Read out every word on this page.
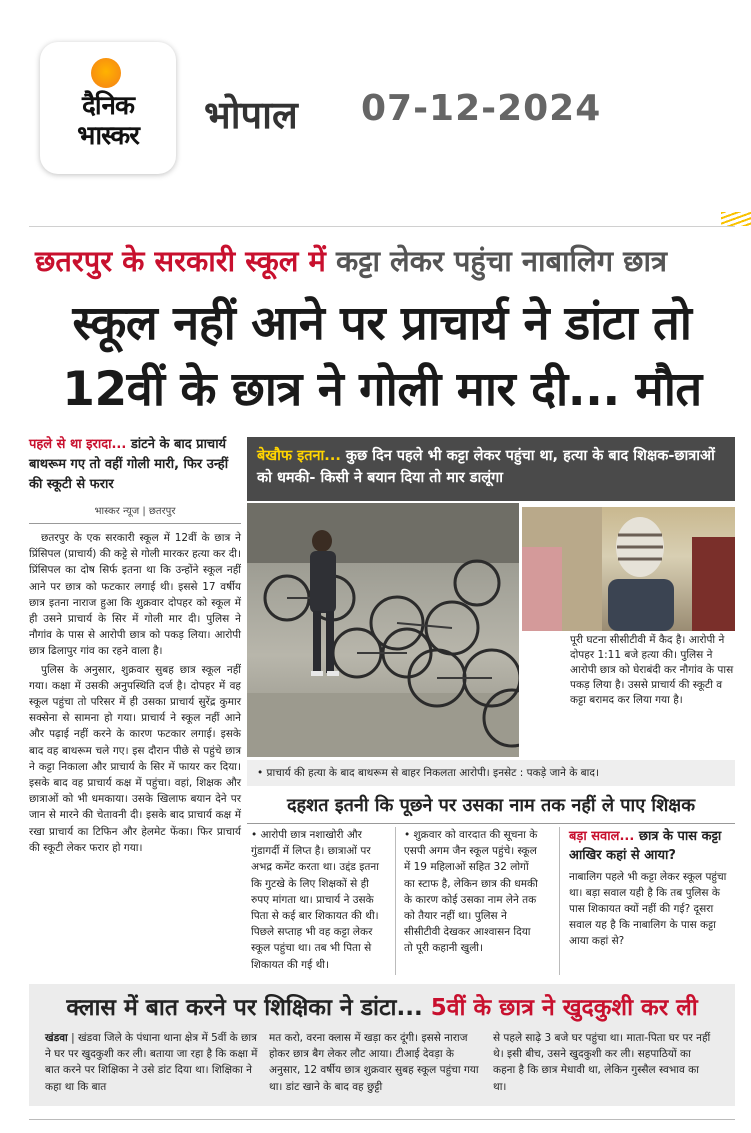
दैनिक
भास्कर	भोपाल 07-12-2024
छतरपुर के सरकारी स्कूल में कट्टा लेकर पहुंचा नाबालिग छात्र
स्कूल नहीं आने पर प्राचार्य ने डांटा तो
12वीं के छात्र ने गोली मार दी... मौत
पहले से था इरादा... डांटने के बाद प्राचार्य बाथरूम गए तो वहीं गोली मारी, फिर उन्हीं की स्कूटी से फरार
भास्कर न्यूज | छतरपुर

छतरपुर के एक सरकारी स्कूल में 12वीं के छात्र ने प्रिंसिपल (प्राचार्य) की कट्टे से गोली मारकर हत्या कर दी। प्रिंसिपल का दोष सिर्फ इतना था कि उन्होंने स्कूल नहीं आने पर छात्र को फटकार लगाई थी। इससे 17 वर्षीय छात्र इतना नाराज हुआ कि शुक्रवार दोपहर को स्कूल में ही उसने प्राचार्य के सिर में गोली मार दी। पुलिस ने नौगांव के पास से आरोपी छात्र को पकड़ लिया। आरोपी छात्र ढिलापुर गांव का रहने वाला है।

पुलिस के अनुसार, शुक्रवार सुबह छात्र स्कूल नहीं गया। कक्षा में उसकी अनुपस्थिति दर्ज है। दोपहर में वह स्कूल पहुंचा तो परिसर में ही उसका प्राचार्य सुरेंद्र कुमार सक्सेना से सामना हो गया। प्राचार्य ने स्कूल नहीं आने और पढ़ाई नहीं करने के कारण फटकार लगाई। इसके बाद वह बाथरूम चले गए। इस दौरान पीछे से पहुंचे छात्र ने कट्टा निकाला और प्राचार्य के सिर में फायर कर दिया। इसके बाद वह प्राचार्य कक्ष में पहुंचा। वहां, शिक्षक और छात्राओं को भी धमकाया। उसके खिलाफ बयान देने पर जान से मारने की चेतावनी दी। इसके बाद प्राचार्य कक्ष में रखा प्राचार्य का टिफिन और हेलमेट फेंका। फिर प्राचार्य की स्कूटी लेकर फरार हो गया।

बेखौफ इतना... कुछ दिन पहले भी कट्टा लेकर पहुंचा था, हत्या के बाद शिक्षक-छात्राओं को धमकी- किसी ने बयान दिया तो मार डालूंगा
पूरी घटना सीसीटीवी में कैद है। आरोपी ने दोपहर 1:11 बजे हत्या की। पुलिस ने आरोपी छात्र को घेराबंदी कर नौगांव के पास पकड़ लिया है। उससे प्राचार्य की स्कूटी व कट्टा बरामद कर लिया गया है।
• प्राचार्य की हत्या के बाद बाथरूम से बाहर निकलता आरोपी। इनसेट : पकड़े जाने के बाद।
दहशत इतनी कि पूछने पर उसका नाम तक नहीं ले पाए शिक्षक

• आरोपी छात्र नशाखोरी और गुंडागर्दी में लिप्त है। छात्राओं पर अभद्र कमेंट करता था। उद्दंड इतना कि गुटखे के लिए शिक्षकों से ही रुपए मांगता था। प्राचार्य ने उसके पिता से कई बार शिकायत की थी। पिछले सप्ताह भी वह कट्टा लेकर स्कूल पहुंचा था। तब भी पिता से शिकायत की गई थी।

• शुक्रवार को वारदात की सूचना के एसपी अगम जैन स्कूल पहुंचे। स्कूल में 19 महिलाओं सहित 32 लोगों का स्टाफ है, लेकिन छात्र की धमकी के कारण कोई उसका नाम लेने तक को तैयार नहीं था। पुलिस ने सीसीटीवी देखकर आश्वासन दिया तो पूरी कहानी खुली।

बड़ा सवाल... छात्र के पास कट्टा आखिर कहां से आया?
नाबालिग पहले भी कट्टा लेकर स्कूल पहुंचा था। बड़ा सवाल यही है कि तब पुलिस के पास शिकायत क्यों नहीं की गई? दूसरा सवाल यह है कि नाबालिग के पास कट्टा आया कहां से?
क्लास में बात करने पर शिक्षिका ने डांटा... 5वीं के छात्र ने खुदकुशी कर ली
खंडवा | खंडवा जिले के पंधाना थाना क्षेत्र में 5वीं के छात्र ने घर पर खुदकुशी कर ली। बताया जा रहा है कि कक्षा में बात करने पर शिक्षिका ने उसे डांट दिया था। शिक्षिका ने कहा था कि बात
मत करो, वरना क्लास में खड़ा कर दूंगी। इससे नाराज होकर छात्र बैग लेकर लौट आया। टीआई देवड़ा के अनुसार, 12 वर्षीय छात्र शुक्रवार सुबह स्कूल पहुंचा गया था। डांट खाने के बाद वह छुट्टी
से पहले साढ़े 3 बजे घर पहुंचा था। माता-पिता घर पर नहीं थे। इसी बीच, उसने खुदकुशी कर ली। सहपाठियों का कहना है कि छात्र मेधावी था, लेकिन गुस्सैल स्वभाव का था।
